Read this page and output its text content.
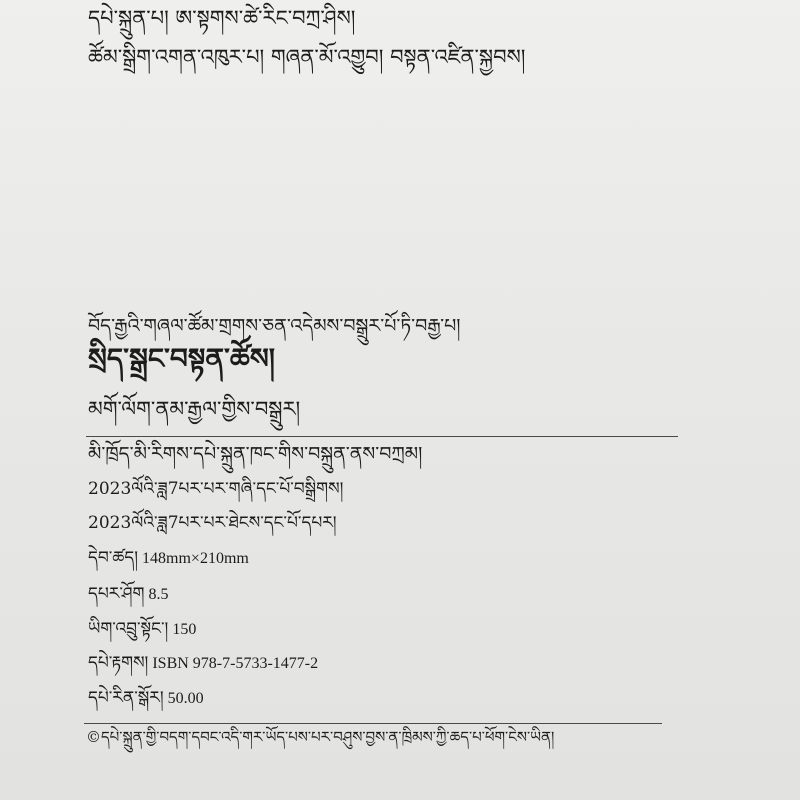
དཔེ་སྐྲུན་པ། ཨ་སྟགས་ཚེ་རིང་བཀྲ་ཤིས།
ཚོམ་སྒྲིག་འགན་འཁུར་པ། གཞན་མོ་འགྱུབ། བསྟན་འཛིན་སྐྱབས།
བོད་རྒྱའི་གཞལ་ཚོམ་གྲགས་ཅན་འདེམས་བསྒྲུར་པོ་ཏི་བརྒྱ་པ།
སྲིད་སྒྲང་བསྟན་ཚོས།
མགོ་ལོག་ནམ་རྒྱལ་གྱིས་བསྒྲུར།
མི་ཁྲོད་མི་རིགས་དཔེ་སྐྲུན་ཁང་གིས་བསྐྲུན་ནས་བཀྲམ།
2023ལོའི་ཟླ7པར་པར་གཞི་དང་པོ་བསྒྲིགས།
2023ལོའི་ཟླ7པར་པར་ཐེངས་དང་པོ་དཔར།
དེབ་ཚད། 148mm×210mm
དཔར་ཤོག 8.5
ཡིག་འབྲུ་སྟོང་། 150
དཔེ་རྟགས། ISBN 978-7-5733-1477-2
དཔེ་རིན་སྒོར། 50.00
©དཔེ་སྐྲུན་གྱི་བདག་དབང་འདི་གར་ཡོད་པས་པར་བཤུས་བྱས་ན་ཁྲིམས་ཀྱི་ཆད་པ་ཕོག་ངེས་ཡིན།
